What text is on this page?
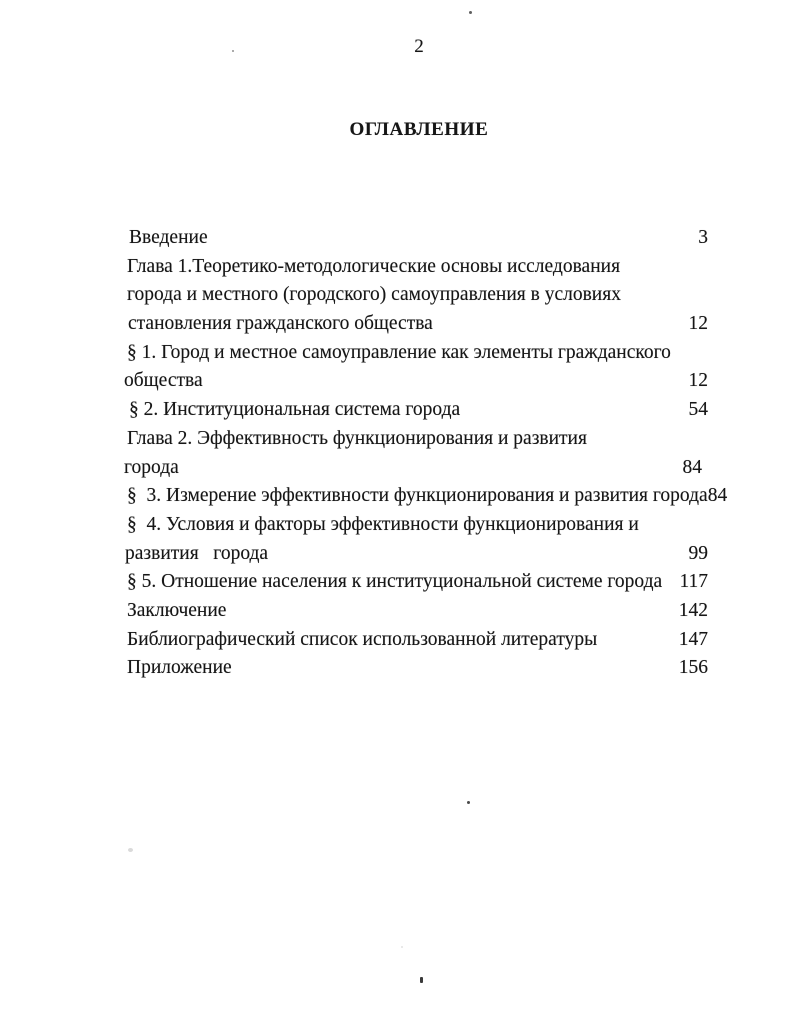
2
ОГЛАВЛЕНИЕ
Введение	3
Глава 1.Теоретико-методологические основы исследования
города и местного (городского) самоуправления в условиях
становления гражданского общества	12
§ 1. Город и местное самоуправление как элементы гражданского
общества	12
§ 2. Институциональная система города	54
Глава 2. Эффективность функционирования и развития
города	84
§  3. Измерение эффективности функционирования и развития города 84
§  4. Условия и факторы эффективности функционирования и
развития   города	99
§ 5. Отношение населения к институциональной системе города 117
Заключение	142
Библиографический список использованной литературы	147
Приложение	156
